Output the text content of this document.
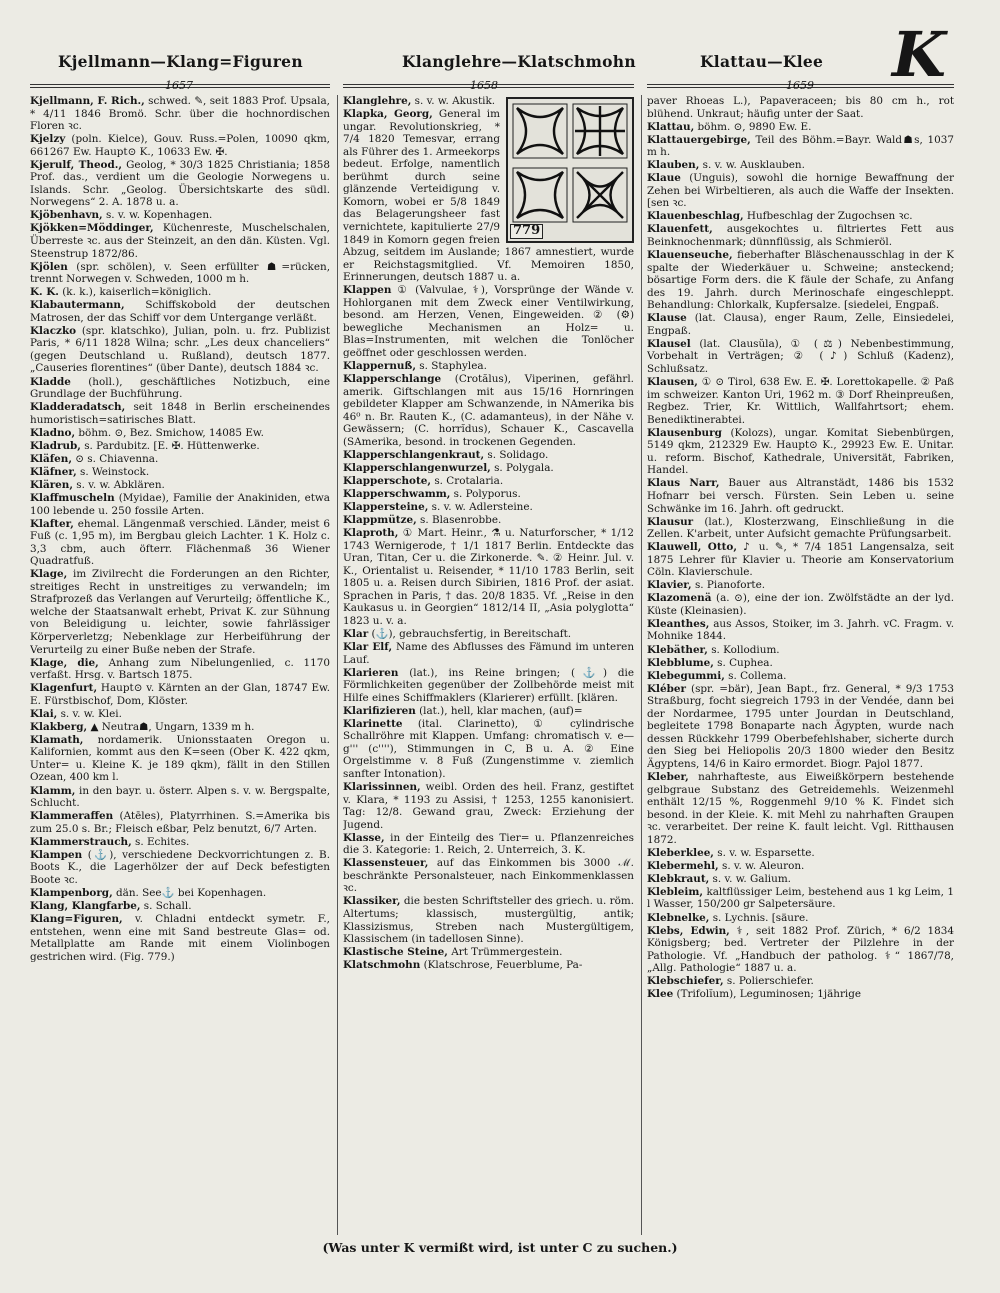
Kjellmann—Klang=Figuren	Klanglehre—Klatschmohn	Klattau—Klee K
1657	1658	1659

Kjellmann, F. Rich., schwed. ✎, seit 1883 Prof. Upsala, * 4/11 1846 Bromö. Schr. über die hochnordischen Floren ꝛc.

Kjelzy (poln. Kielce), Gouv. Russ.=Polen, 10090 qkm, 661267 Ew. Haupt⊙ K., 10633 Ew. ✠.

Kjerulf, Theod., Geolog, * 30/3 1825 Christiania; 1858 Prof. das., verdient um die Geologie Norwegens u. Islands. Schr. „Geolog. Übersichtskarte des südl. Norwegens“ 2. A. 1878 u. a.

Kjöbenhavn, s. v. w. Kopenhagen.

Kjökken=Möddinger, Küchenreste, Muschelschalen, Überreste ꝛc. aus der Steinzeit, an den dän. Küsten. Vgl. Steenstrup 1872/86.

Kjölen (spr. schölen), v. Seen erfüllter ☗=rücken, trennt Norwegen v. Schweden, 1000 m h.

K. K. (k. k.), kaiserlich=königlich.

Klabautermann, Schiffskobold der deutschen Matrosen, der das Schiff vor dem Untergange verläßt.

Klaczko (spr. klatschko), Julian, poln. u. frz. Publizist Paris, * 6/11 1828 Wilna; schr. „Les deux chanceliers“ (gegen Deutschland u. Rußland), deutsch 1877. „Causeries florentines“ (über Dante), deutsch 1884 ꝛc.

Kladde (holl.), geschäftliches Notizbuch, eine Grundlage der Buchführung.

Kladderadatsch, seit 1848 in Berlin erscheinendes humoristisch=satirisches Blatt.

Kladno, böhm. ⊙, Bez. Smichow, 14085 Ew.

Kladrub, s. Pardubitz. [E. ✠. Hüttenwerke.

Kläfen, ⊙ s. Chiavenna.

Kläfner, s. Weinstock.

Klären, s. v. w. Abklären.

Klaffmuscheln (Myidae), Familie der Anakiniden, etwa 100 lebende u. 250 fossile Arten.

Klafter, ehemal. Längenmaß verschied. Länder, meist 6 Fuß (c. 1,95 m), im Bergbau gleich Lachter. 1 K. Holz c. 3,3 cbm, auch öfterr. Flächenmaß 36 Wiener Quadratfuß.

Klage, im Zivilrecht die Forderungen an den Richter, streitiges Recht in unstreitiges zu verwandeln; im Strafprozeß das Verlangen auf Verurteilg; öffentliche K., welche der Staatsanwalt erhebt, Privat K. zur Sühnung von Beleidigung u. leichter, sowie fahrlässiger Körperverletzg; Nebenklage zur Herbeiführung der Verurteilg zu einer Buße neben der Strafe.

Klage, die, Anhang zum Nibelungenlied, c. 1170 verfaßt. Hrsg. v. Bartsch 1875.

Klagenfurt, Haupt⊙ v. Kärnten an der Glan, 18747 Ew. E. Fürstbischof, Dom, Klöster.

Klai, s. v. w. Klei.

Klakberg, ▲ Neutra☗, Ungarn, 1339 m h.

Klamath, nordamerik. Unionsstaaten Oregon u. Kalifornien, kommt aus den K=seen (Ober K. 422 qkm, Unter= u. Kleine K. je 189 qkm), fällt in den Stillen Ozean, 400 km l.

Klamm, in den bayr. u. österr. Alpen s. v. w. Bergspalte, Schlucht.

Klammeraffen (Atēles), Platyrrhinen. S.=Amerika bis zum 25.0 s. Br.; Fleisch eßbar, Pelz benutzt, 6/7 Arten.

Klammerstrauch, s. Echites.

Klampen (⚓), verschiedene Deckvorrichtungen z. B. Boots K., die Lagerhölzer der auf Deck befestigten Boote ꝛc.

Klampenborg, dän. See⚓ bei Kopenhagen.

Klang, Klangfarbe, s. Schall.

Klang=Figuren, v. Chladni entdeckt symetr. F., entstehen, wenn eine mit Sand bestreute Glas= od. Metallplatte am Rande mit einem Violinbogen gestrichen wird. (Fig. 779.)

779

Klanglehre, s. v. w. Akustik.

Klapka, Georg, General im ungar. Revolutionskrieg, * 7/4 1820 Temesvar, errang als Führer des 1. Armeekorps bedeut. Erfolge, namentlich berühmt durch seine glänzende Verteidigung v. Komorn, wobei er 5/8 1849 das Belagerungsheer fast vernichtete, kapitulierte 27/9 1849 in Komorn gegen freien Abzug, seitdem im Auslande; 1867 amnestiert, wurde er Reichstagsmitglied. Vf. Memoiren 1850, Erinnerungen, deutsch 1887 u. a.

Klappen ① (Valvulae, ⚕), Vorsprünge der Wände v. Hohlorganen mit dem Zweck einer Ventilwirkung, besond. am Herzen, Venen, Eingeweiden. ② (⚙) bewegliche Mechanismen an Holz= u. Blas=Instrumenten, mit welchen die Tonlöcher geöffnet oder geschlossen werden.

Klappernuß, s. Staphylea.

Klapperschlange (Crotălus), Viperinen, gefährl. amerik. Giftschlangen mit aus 15/16 Hornringen gebildeter Klapper am Schwanzende, in NAmerika bis 46⁰ n. Br. Rauten K., (C. adamanteus), in der Nähe v. Gewässern; (C. horrĭdus), Schauer K., Cascavella (SAmerika, besond. in trockenen Gegenden.

Klapperschlangenkraut, s. Solidago.

Klapperschlangenwurzel, s. Polygala.

Klapperschote, s. Crotalaria.

Klapperschwamm, s. Polyporus.

Klappersteine, s. v. w. Adlersteine.

Klappmütze, s. Blasenrobbe.

Klaproth, ① Mart. Heinr., ⚗ u. Naturforscher, * 1/12 1743 Wernigerode, † 1/1 1817 Berlin. Entdeckte das Uran, Titan, Cer u. die Zirkonerde. ✎. ② Heinr. Jul. v. K., Orientalist u. Reisender, * 11/10 1783 Berlin, seit 1805 u. a. Reisen durch Sibirien, 1816 Prof. der asiat. Sprachen in Paris, † das. 20/8 1835. Vf. „Reise in den Kaukasus u. in Georgien“ 1812/14 II, „Asia polyglotta“ 1823 u. v. a.

Klar (⚓), gebrauchsfertig, in Bereitschaft.

Klar Elf, Name des Abflusses des Fämund im unteren Lauf.

Klarieren (lat.), ins Reine bringen; (⚓) die Förmlichkeiten gegenüber der Zollbehörde meist mit Hilfe eines Schiffmaklers (Klarierer) erfüllt. [klären.

Klarifizieren (lat.), hell, klar machen, (auf)=

Klarinette (ital. Clarinetto), ① cylindrische Schallröhre mit Klappen. Umfang: chromatisch v. e—g''' (c''''), Stimmungen in C, B u. A. ② Eine Orgelstimme v. 8 Fuß (Zungenstimme v. ziemlich sanfter Intonation).

Klarissinnen, weibl. Orden des heil. Franz, gestiftet v. Klara, * 1193 zu Assisi, † 1253, 1255 kanonisiert. Tag: 12/8. Gewand grau, Zweck: Erziehung der Jugend.

Klasse, in der Einteilg des Tier= u. Pflanzenreiches die 3. Kategorie: 1. Reich, 2. Unterreich, 3. K.

Klassensteuer, auf das Einkommen bis 3000 ℳ. beschränkte Personalsteuer, nach Einkommenklassen ꝛc.

Klassiker, die besten Schriftsteller des griech. u. röm. Altertums; klassisch, mustergültig, antik; Klassizismus, Streben nach Mustergültigem, Klassischem (in tadellosen Sinne).

Klastische Steine, Art Trümmergestein.

Klatschmohn (Klatschrose, Feuerblume, Pa-

paver Rhoeas L.), Papaveraceen; bis 80 cm h., rot blühend. Unkraut; häufig unter der Saat.

Klattau, böhm. ⊙, 9890 Ew. E.

Klattauergebirge, Teil des Böhm.=Bayr. Wald☗s, 1037 m h.

Klauben, s. v. w. Ausklauben.

Klaue (Unguis), sowohl die hornige Bewaffnung der Zehen bei Wirbeltieren, als auch die Waffe der Insekten. [sen ꝛc.

Klauenbeschlag, Hufbeschlag der Zugochsen ꝛc.

Klauenfett, ausgekochtes u. filtriertes Fett aus Beinknochenmark; dünnflüssig, als Schmieröl.

Klauenseuche, fieberhafter Bläschenausschlag in der K spalte der Wiederkäuer u. Schweine; ansteckend; bösartige Form ders. die K fäule der Schafe, zu Anfang des 19. Jahrh. durch Merinoschafe eingeschleppt. Behandlung: Chlorkalk, Kupfersalze. [siedelei, Engpaß.

Klause (lat. Clausa), enger Raum, Zelle, Einsiedelei, Engpaß.

Klausel (lat. Clausŭla), ① (⚖) Nebenbestimmung, Vorbehalt in Verträgen; ② (♪) Schluß (Kadenz), Schlußsatz.

Klausen, ① ⊙ Tirol, 638 Ew. E. ✠. Lorettokapelle. ② Paß im schweizer. Kanton Uri, 1962 m. ③ Dorf Rheinpreußen, Regbez. Trier, Kr. Wittlich, Wallfahrtsort; ehem. Benediktinerabtei.

Klausenburg (Kolozs), ungar. Komitat Siebenbürgen, 5149 qkm, 212329 Ew. Haupt⊙ K., 29923 Ew. E. Unitar. u. reform. Bischof, Kathedrale, Universität, Fabriken, Handel.

Klaus Narr, Bauer aus Altranstädt, 1486 bis 1532 Hofnarr bei versch. Fürsten. Sein Leben u. seine Schwänke im 16. Jahrh. oft gedruckt.

Klausur (lat.), Klosterzwang, Einschließung in die Zellen. K'arbeit, unter Aufsicht gemachte Prüfungsarbeit.

Klauwell, Otto, ♪ u. ✎, * 7/4 1851 Langensalza, seit 1875 Lehrer für Klavier u. Theorie am Konservatorium Cöln. Klavierschule.

Klavier, s. Pianoforte.

Klazomenä (a. ⊙), eine der ion. Zwölfstädte an der lyd. Küste (Kleinasien).

Kleanthes, aus Assos, Stoiker, im 3. Jahrh. vC. Fragm. v. Mohnike 1844.

Klebäther, s. Kollodium.

Klebblume, s. Cuphea.

Klebegummi, s. Collema.

Kléber (spr. =bär), Jean Bapt., frz. General, * 9/3 1753 Straßburg, focht siegreich 1793 in der Vendée, dann bei der Nordarmee, 1795 unter Jourdan in Deutschland, begleitete 1798 Bonaparte nach Ägypten, wurde nach dessen Rückkehr 1799 Oberbefehlshaber, sicherte durch den Sieg bei Heliopolis 20/3 1800 wieder den Besitz Ägyptens, 14/6 in Kairo ermordet. Biogr. Pajol 1877.

Kleber, nahrhafteste, aus Eiweißkörpern bestehende gelbgraue Substanz des Getreidemehls. Weizenmehl enthält 12/15 %, Roggenmehl 9/10 % K. Findet sich besond. in der Kleie. K. mit Mehl zu nahrhaften Graupen ꝛc. verarbeitet. Der reine K. fault leicht. Vgl. Ritthausen 1872.

Kleberklee, s. v. w. Esparsette.

Klebermehl, s. v. w. Aleuron.

Klebkraut, s. v. w. Galium.

Klebleim, kaltflüssiger Leim, bestehend aus 1 kg Leim, 1 l Wasser, 150/200 gr Salpetersäure.

Klebnelke, s. Lychnis. [säure.

Klebs, Edwin, ⚕, seit 1882 Prof. Zürich, * 6/2 1834 Königsberg; bed. Vertreter der Pilzlehre in der Pathologie. Vf. „Handbuch der patholog. ⚕“ 1867/78, „Allg. Pathologie“ 1887 u. a.

Klebschiefer, s. Polierschiefer.

Klee (Trifolĭum), Leguminosen; 1jährige

(Was unter K vermißt wird, ist unter C zu suchen.)
